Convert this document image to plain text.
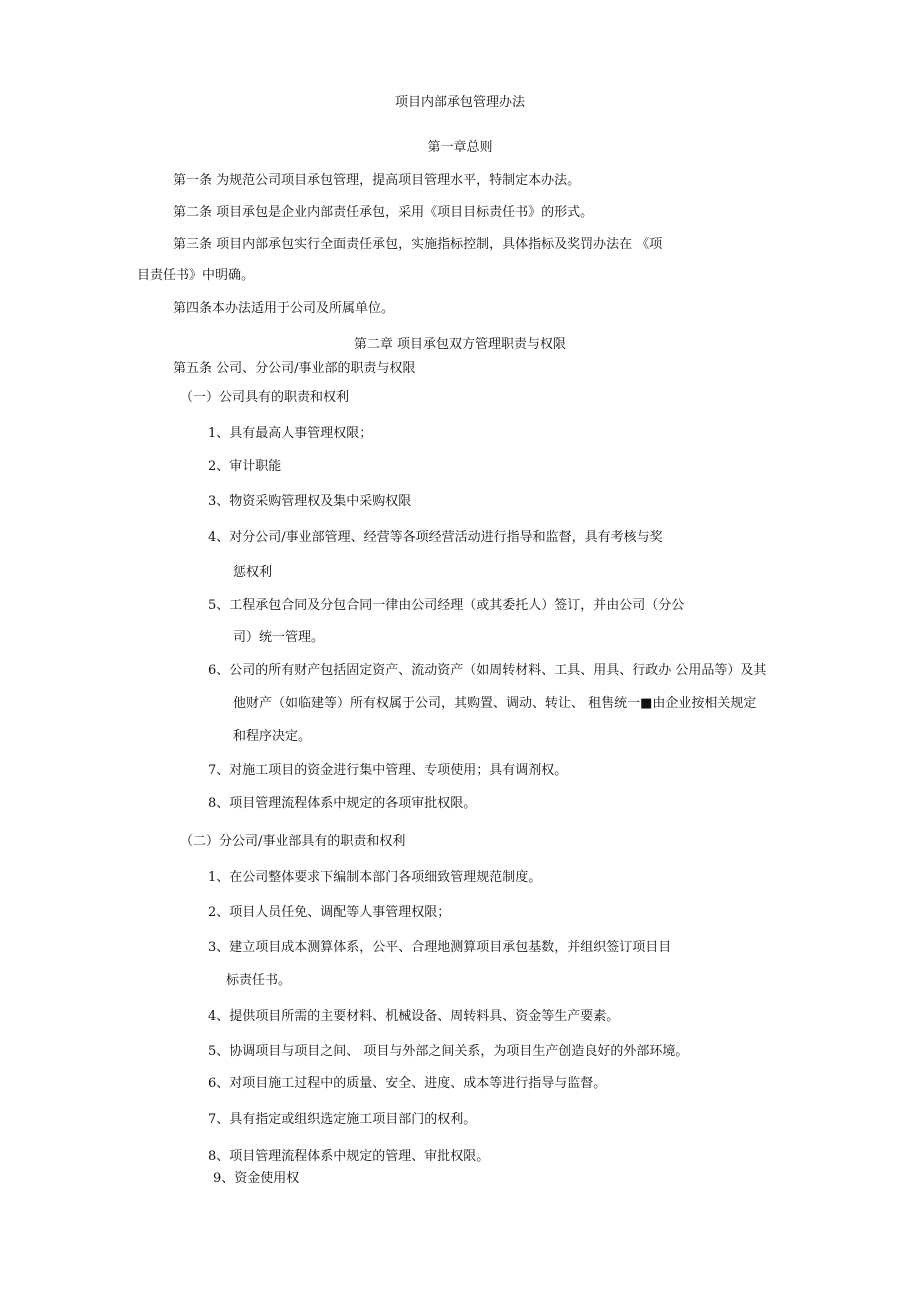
项目内部承包管理办法
第一章总则
第一条 为规范公司项目承包管理，提高项目管理水平，特制定本办法。
第二条 项目承包是企业内部责任承包，采用《项目目标责任书》的形式。
第三条 项目内部承包实行全面责任承包，实施指标控制，具体指标及奖罚办法在 《项
目责任书》中明确。
第四条本办法适用于公司及所属单位。
第二章 项目承包双方管理职责与权限
第五条 公司、分公司/事业部的职责与权限
（一）公司具有的职责和权利
1、具有最高人事管理权限；
2、审计职能
3、物资采购管理权及集中采购权限
4、对分公司/事业部管理、经营等各项经营活动进行指导和监督，具有考核与奖
惩权利
5、工程承包合同及分包合同一律由公司经理（或其委托人）签订，并由公司（分公
司）统一管理。
6、公司的所有财产包括固定资产、流动资产（如周转材料、工具、用具、行政办 公用品等）及其
他财产（如临建等）所有权属于公司，其购置、调动、转让、 租售统一■由企业按相关规定
和程序决定。
7、对施工项目的资金进行集中管理、专项使用；具有调剂权。
8、项目管理流程体系中规定的各项审批权限。
（二）分公司/事业部具有的职责和权利
1、在公司整体要求下编制本部门各项细致管理规范制度。
2、项目人员任免、调配等人事管理权限；
3、建立项目成本测算体系，公平、合理地测算项目承包基数，并组织签订项目目
标责任书。
4、提供项目所需的主要材料、机械设备、周转料具、资金等生产要素。
5、协调项目与项目之间、 项目与外部之间关系，为项目生产创造良好的外部环境。
6、对项目施工过程中的质量、安全、进度、成本等进行指导与监督。
7、具有指定或组织选定施工项目部门的权利。
8、项目管理流程体系中规定的管理、审批权限。
9、资金使用权
